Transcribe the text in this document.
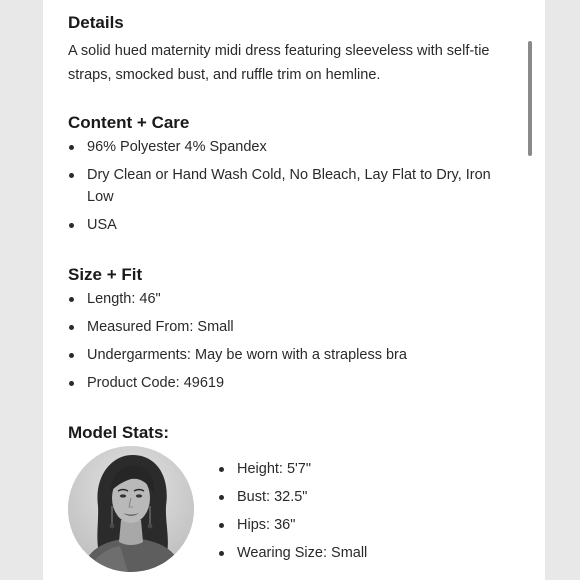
Details

A solid hued maternity midi dress featuring sleeveless with self-tie straps, smocked bust, and ruffle trim on hemline.

Content + Care
96% Polyester 4% Spandex
Dry Clean or Hand Wash Cold, No Bleach, Lay Flat to Dry, Iron Low
USA
Size + Fit
Length: 46"
Measured From: Small
Undergarments: May be worn with a strapless bra
Product Code: 49619
Model Stats:
Height: 5'7"
Bust: 32.5"
Hips: 36"
Wearing Size: Small
